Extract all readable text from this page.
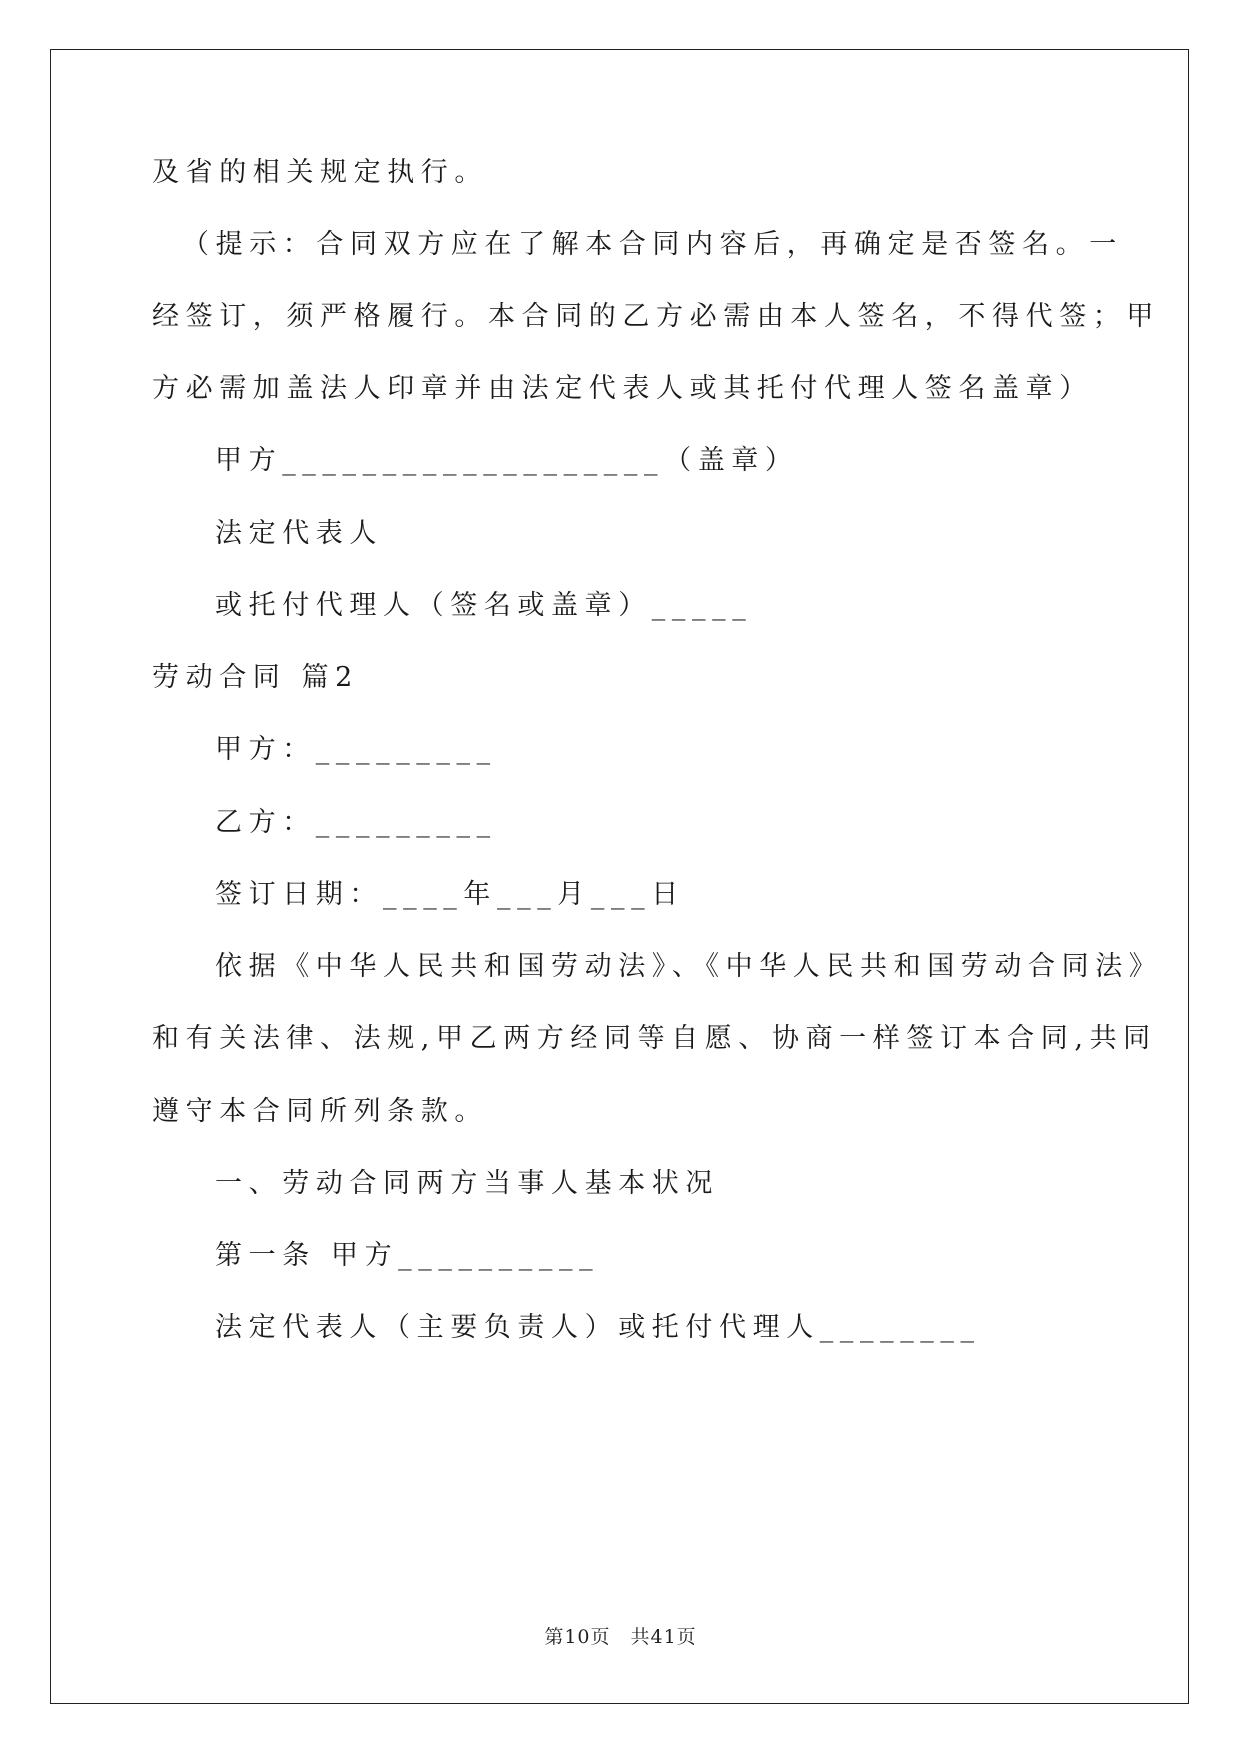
及省的相关规定执行。
（提示：合同双方应在了解本合同内容后，再确定是否签名。一
经签订，须严格履行。本合同的乙方必需由本人签名，不得代签；甲
方必需加盖法人印章并由法定代表人或其托付代理人签名盖章）
甲方___________________（盖章）
法定代表人
或托付代理人（签名或盖章）_____
劳动合同 篇2
甲方：_________
乙方：_________
签订日期：____年___月___日
依据《中华人民共和国劳动法》、《中华人民共和国劳动合同法》
和有关法律、法规,甲乙两方经同等自愿、协商一样签订本合同,共同
遵守本合同所列条款。
一、劳动合同两方当事人基本状况
第一条 甲方__________
法定代表人（主要负责人）或托付代理人________
第10页　共41页
